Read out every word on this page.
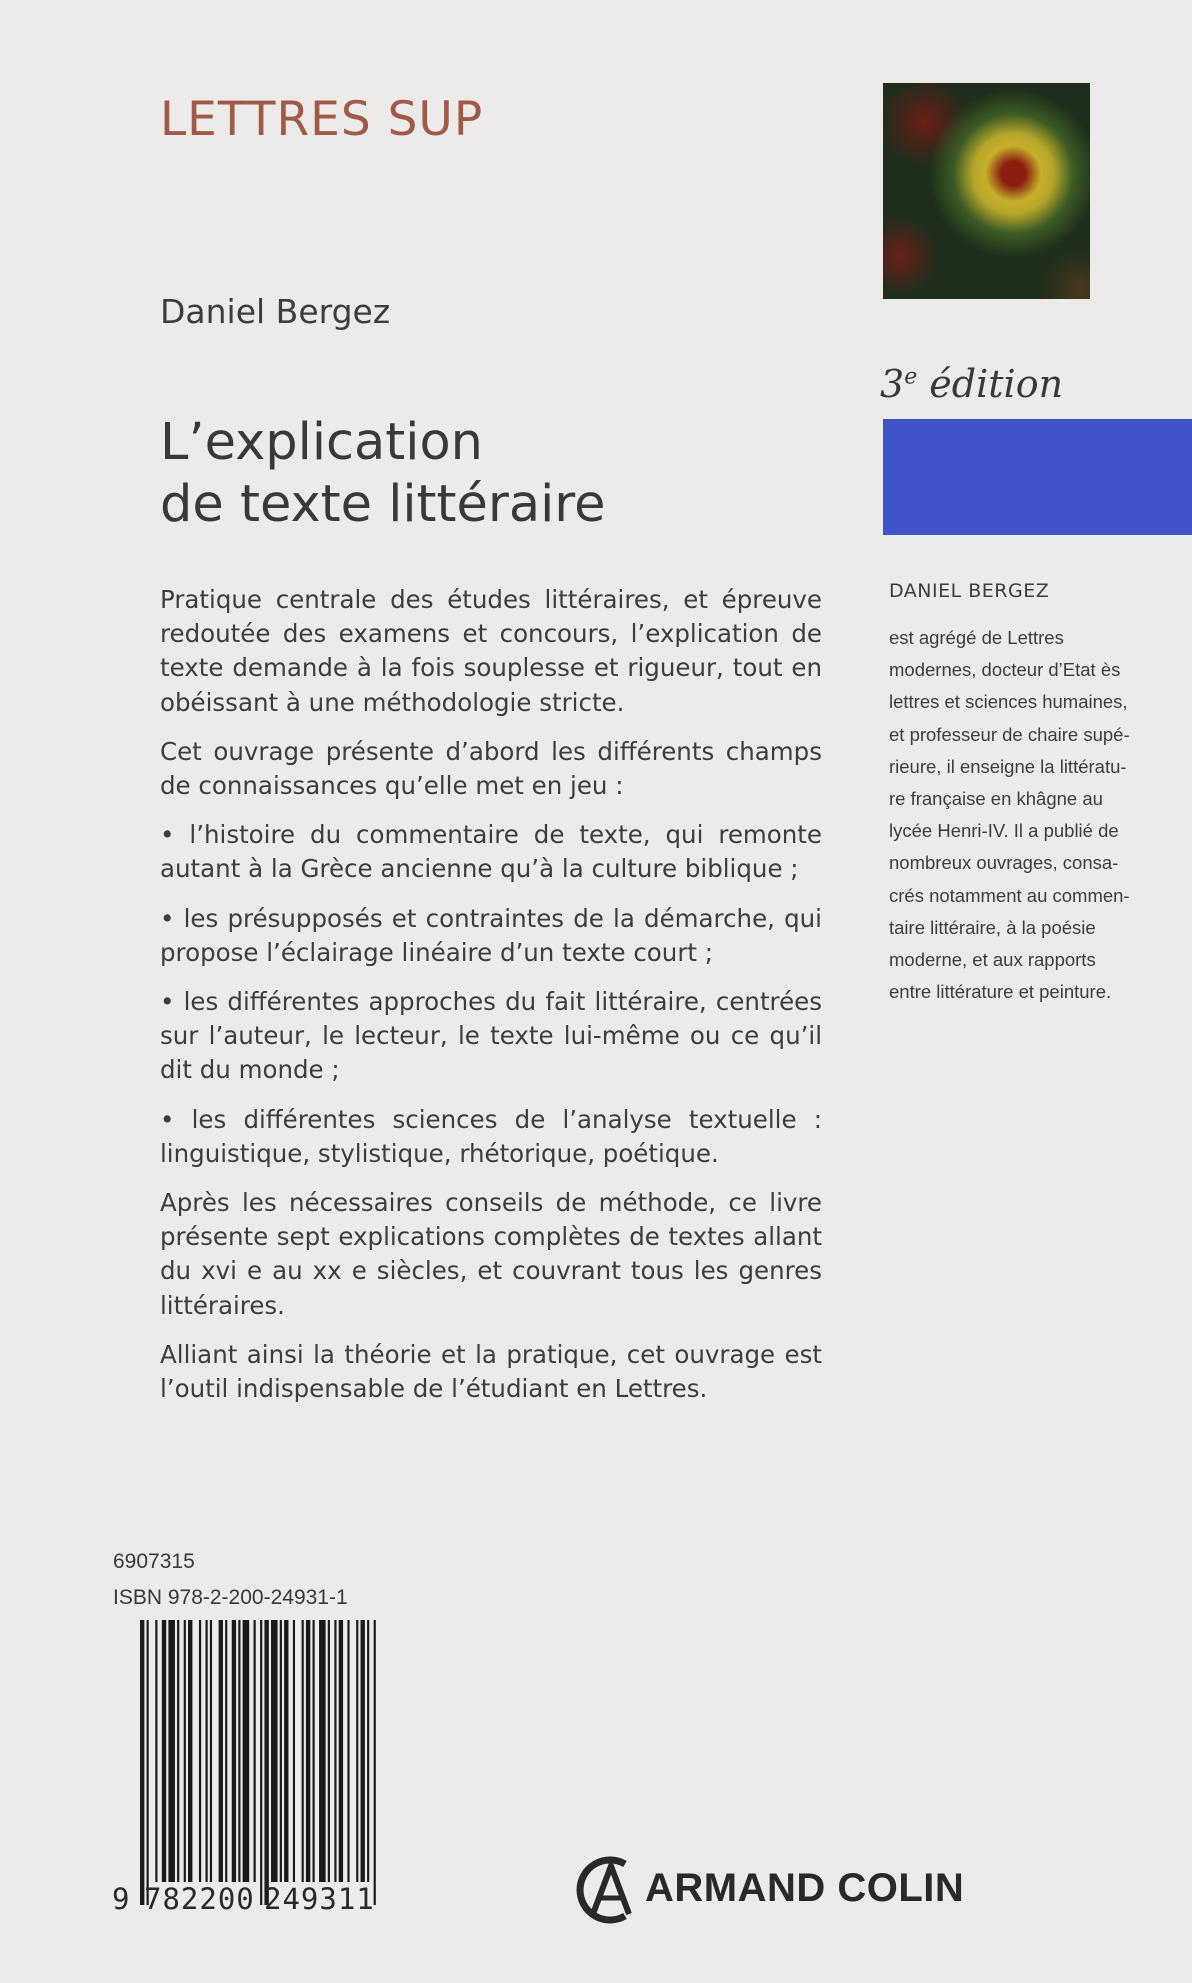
LETTRES SUP
Daniel Bergez
L’explication
de texte littéraire

Pratique centrale des études littéraires, et épreuve redoutée des examens et concours, l’explication de texte demande à la fois souplesse et rigueur, tout en obéissant à une méthodologie stricte.

Cet ouvrage présente d’abord les différents champs de connaissances qu’elle met en jeu :

• l’histoire du commentaire de texte, qui remonte autant à la Grèce ancienne qu’à la culture biblique ;

• les présupposés et contraintes de la démarche, qui propose l’éclairage linéaire d’un texte court ;

• les différentes approches du fait littéraire, centrées sur l’auteur, le lecteur, le texte lui-même ou ce qu’il dit du monde ;

• les différentes sciences de l’analyse textuelle : linguistique, stylistique, rhétorique, poétique.

Après les nécessaires conseils de méthode, ce livre présente sept explications complètes de textes allant du xvi e au xx e siècles, et couvrant tous les genres littéraires.

Alliant ainsi la théorie et la pratique, cet ouvrage est l’outil indispensable de l’étudiant en Lettres.

3e édition
DANIEL BERGEZ
est agrégé de Lettres
modernes, docteur d’Etat ès
lettres et sciences humaines,
et professeur de chaire supé-
rieure, il enseigne la littératu-
re française en khâgne au
lycée Henri-IV. Il a publié de
nombreux ouvrages, consa-
crés notamment au commen-
taire littéraire, à la poésie
moderne, et aux rapports
entre littérature et peinture.
6907315
ISBN 978-2-200-24931-1
9 782200 249311	ARMAND COLIN
